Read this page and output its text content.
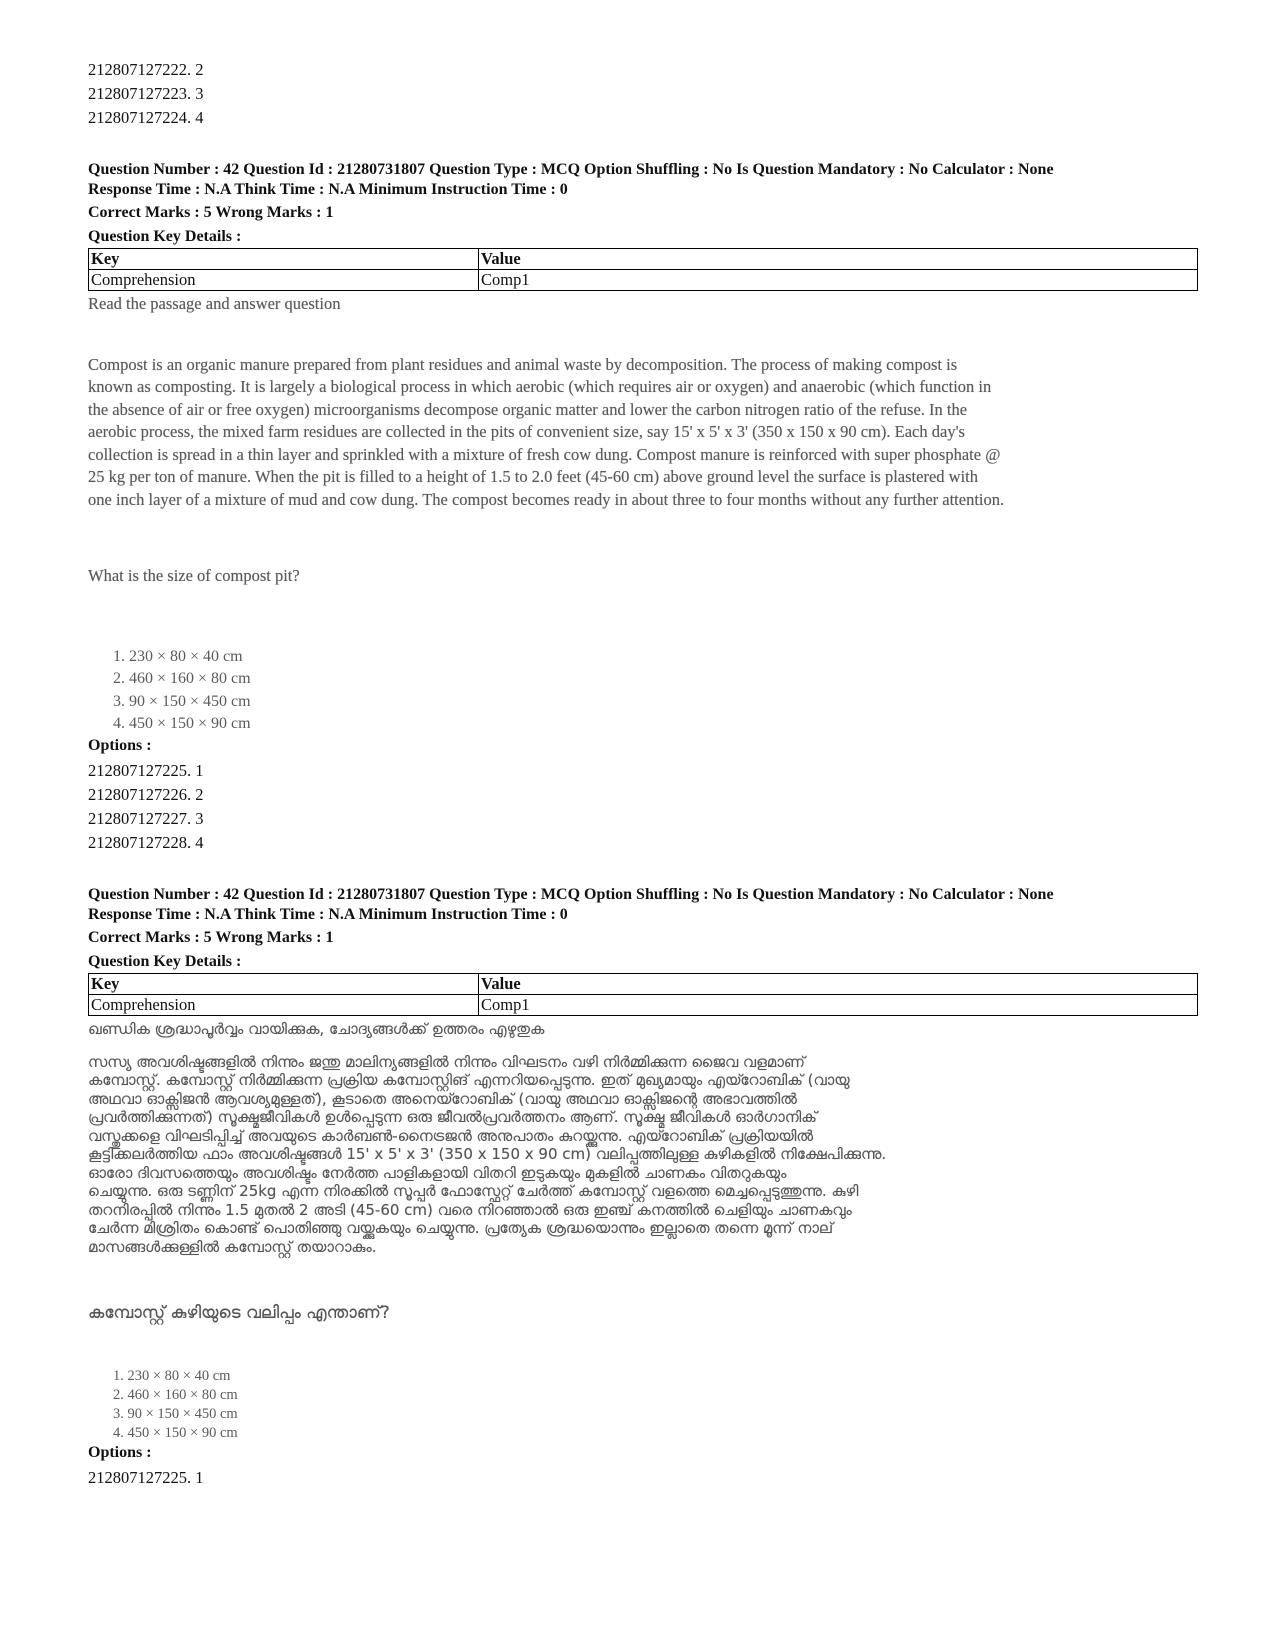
212807127222. 2
212807127223. 3
212807127224. 4
Question Number : 42 Question Id : 21280731807 Question Type : MCQ Option Shuffling : No Is Question Mandatory : No Calculator : None
Response Time : N.A Think Time : N.A Minimum Instruction Time : 0
Correct Marks : 5 Wrong Marks : 1
Question Key Details :
Key	Value
Comprehension	Comp1
Read the passage and answer question
Compost is an organic manure prepared from plant residues and animal waste by decomposition. The process of making compost is
known as composting. It is largely a biological process in which aerobic (which requires air or oxygen) and anaerobic (which function in
the absence of air or free oxygen) microorganisms decompose organic matter and lower the carbon nitrogen ratio of the refuse. In the
aerobic process, the mixed farm residues are collected in the pits of convenient size, say 15' x 5' x 3' (350 x 150 x 90 cm). Each day's
collection is spread in a thin layer and sprinkled with a mixture of fresh cow dung. Compost manure is reinforced with super phosphate @
25 kg per ton of manure. When the pit is filled to a height of 1.5 to 2.0 feet (45-60 cm) above ground level the surface is plastered with
one inch layer of a mixture of mud and cow dung. The compost becomes ready in about three to four months without any further attention.
What is the size of compost pit?
1. 230 × 80 × 40 cm
2. 460 × 160 × 80 cm
3. 90 × 150 × 450 cm
4. 450 × 150 × 90 cm
Options :
212807127225. 1
212807127226. 2
212807127227. 3
212807127228. 4
Question Number : 42 Question Id : 21280731807 Question Type : MCQ Option Shuffling : No Is Question Mandatory : No Calculator : None
Response Time : N.A Think Time : N.A Minimum Instruction Time : 0
Correct Marks : 5 Wrong Marks : 1
Question Key Details :
Key	Value
Comprehension	Comp1
ഖണ്ഡിക ശ്രദ്ധാപൂർവ്വം വായിക്കുക, ചോദ്യങ്ങൾക്ക് ഉത്തരം എഴുതുക
സസ്യ അവശിഷ്ടങ്ങളിൽ നിന്നും ജന്തു മാലിന്യങ്ങളിൽ നിന്നും വിഘടനം വഴി നിർമ്മിക്കുന്ന ജൈവ വളമാണ്
കമ്പോസ്റ്റ്. കമ്പോസ്റ്റ് നിർമ്മിക്കുന്ന പ്രക്രിയ കമ്പോസ്റ്റിങ് എന്നറിയപ്പെടുന്നു. ഇത് മുഖ്യമായും എയ്റോബിക് (വായു
അഥവാ ഓക്സിജൻ ആവശ്യമുള്ളത്), കൂടാതെ അനെയ്റോബിക് (വായു അഥവാ ഓക്സിജന്റെ അഭാവത്തിൽ
പ്രവർത്തിക്കുന്നത്) സൂക്ഷ്മജീവികൾ ഉൾപ്പെടുന്ന ഒരു ജീവൽപ്രവർത്തനം ആണ്. സൂക്ഷ്മ ജീവികൾ ഓർഗാനിക്
വസ്തുക്കളെ വിഘടിപ്പിച്ച് അവയുടെ കാർബൺ-നൈട്രജൻ അനുപാതം കുറയ്ക്കുന്നു. എയ്റോബിക് പ്രക്രിയയിൽ
കൂട്ടിക്കലർത്തിയ ഫാം അവശിഷ്ടങ്ങൾ 15' x 5' x 3' (350 x 150 x 90 cm) വലിപ്പത്തിലുള്ള കുഴികളിൽ നിക്ഷേപിക്കുന്നു.
ഓരോ ദിവസത്തെയും അവശിഷ്ടം നേർത്ത പാളികളായി വിതറി ഇടുകയും മുകളിൽ ചാണകം വിതറുകയും
ചെയ്യുന്നു. ഒരു ടണ്ണിന് 25kg എന്ന നിരക്കിൽ സൂപ്പർ ഫോസ്ഫേറ്റ് ചേർത്ത് കമ്പോസ്റ്റ് വളത്തെ മെച്ചപ്പെടുത്തുന്നു. കുഴി
തറനിരപ്പിൽ നിന്നും 1.5 മുതൽ 2 അടി (45-60 cm) വരെ നിറഞ്ഞാൽ ഒരു ഇഞ്ച് കനത്തിൽ ചെളിയും ചാണകവും
ചേർന്ന മിശ്രിതം കൊണ്ട് പൊതിഞ്ഞു വയ്ക്കുകയും ചെയ്യുന്നു. പ്രത്യേക ശ്രദ്ധയൊന്നും ഇല്ലാതെ തന്നെ മൂന്ന് നാല്
മാസങ്ങൾക്കുള്ളിൽ കമ്പോസ്റ്റ് തയാറാകും.
കമ്പോസ്റ്റ് കുഴിയുടെ വലിപ്പം എന്താണ്?
1. 230 × 80 × 40 cm
2. 460 × 160 × 80 cm
3. 90 × 150 × 450 cm
4. 450 × 150 × 90 cm
Options :
212807127225. 1
